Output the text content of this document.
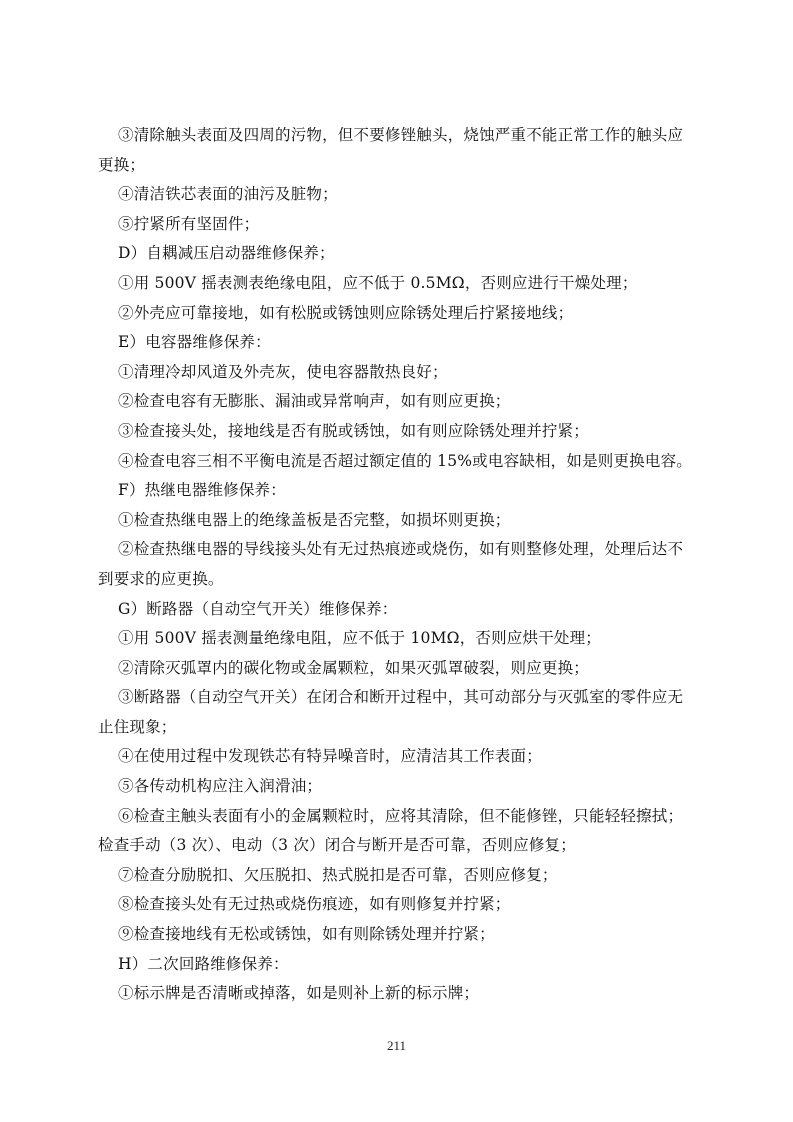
③清除触头表面及四周的污物，但不要修锉触头，烧蚀严重不能正常工作的触头应
更换；

④清洁铁芯表面的油污及脏物；

⑤拧紧所有坚固件；

D）自耦减压启动器维修保养；

①用 500V 摇表测表绝缘电阻，应不低于 0.5MΩ，否则应进行干燥处理；

②外壳应可靠接地，如有松脱或锈蚀则应除锈处理后拧紧接地线；

E）电容器维修保养：

①清理冷却风道及外壳灰，使电容器散热良好；

②检查电容有无膨胀、漏油或异常响声，如有则应更换；

③检查接头处，接地线是否有脱或锈蚀，如有则应除锈处理并拧紧；

④检查电容三相不平衡电流是否超过额定值的 15%或电容缺相，如是则更换电容。

F）热继电器维修保养：

①检查热继电器上的绝缘盖板是否完整，如损坏则更换；

②检查热继电器的导线接头处有无过热痕迹或烧伤，如有则整修处理，处理后达不
到要求的应更换。

G）断路器（自动空气开关）维修保养：

①用 500V 摇表测量绝缘电阻，应不低于 10MΩ，否则应烘干处理；

②清除灭弧罩内的碳化物或金属颗粒，如果灭弧罩破裂，则应更换；

③断路器（自动空气开关）在闭合和断开过程中，其可动部分与灭弧室的零件应无
止住现象；

④在使用过程中发现铁芯有特异噪音时，应清洁其工作表面；

⑤各传动机构应注入润滑油；

⑥检查主触头表面有小的金属颗粒时，应将其清除，但不能修锉，只能轻轻擦拭；
检查手动（3 次）、电动（3 次）闭合与断开是否可靠，否则应修复；

⑦检查分励脱扣、欠压脱扣、热式脱扣是否可靠，否则应修复；

⑧检查接头处有无过热或烧伤痕迹，如有则修复并拧紧；

⑨检查接地线有无松或锈蚀，如有则除锈处理并拧紧；

H）二次回路维修保养：

①标示牌是否清晰或掉落，如是则补上新的标示牌；

211
